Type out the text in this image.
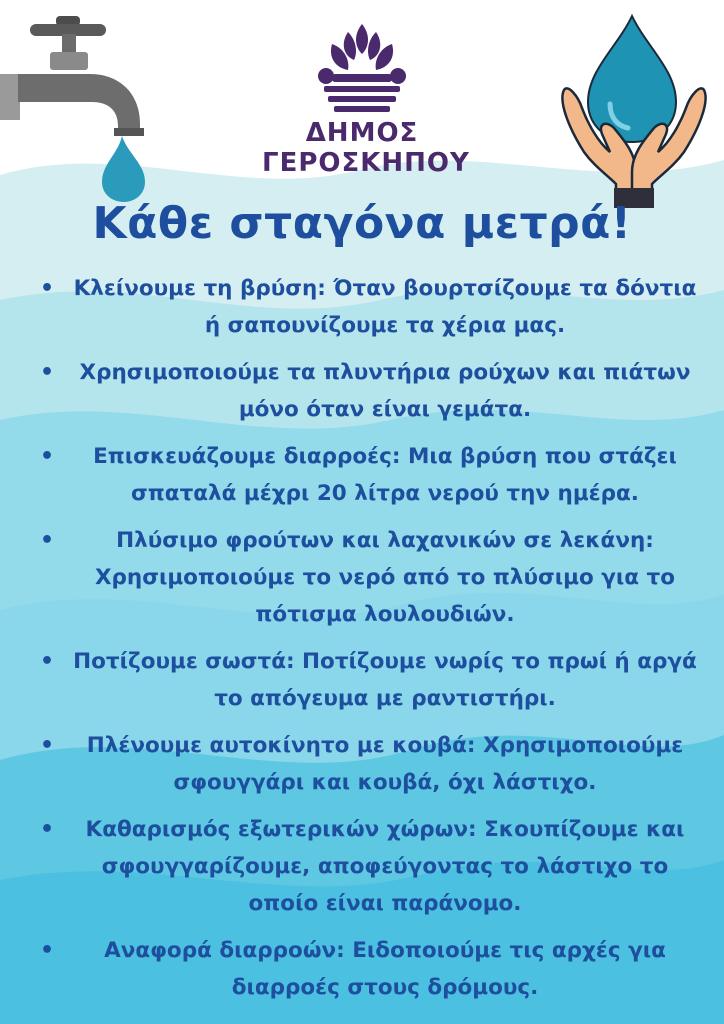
ΔΗΜΟΣ
ΓΕΡΟΣΚΗΠΟΥ
Κάθε σταγόνα μετρά!
• Κλείνουμε τη βρύση: Όταν βουρτσίζουμε τα δόντια ή σαπουνίζουμε τα χέρια μας.
• Χρησιμοποιούμε τα πλυντήρια ρούχων και πιάτων μόνο όταν είναι γεμάτα.
• Επισκευάζουμε διαρροές: Μια βρύση που στάζει σπαταλά μέχρι 20 λίτρα νερού την ημέρα.
•	Πλύσιμο φρούτων και λαχανικών σε λεκάνη: Χρησιμοποιούμε το νερό από το πλύσιμο για το πότισμα λουλουδιών.
• Ποτίζουμε σωστά: Ποτίζουμε νωρίς το πρωί ή αργά το απόγευμα με ραντιστήρι.
• Πλένουμε αυτοκίνητο με κουβά: Χρησιμοποιούμε σφουγγάρι και κουβά, όχι λάστιχο.
• Καθαρισμός εξωτερικών χώρων: Σκουπίζουμε και σφουγγαρίζουμε, αποφεύγοντας το λάστιχο το οποίο είναι παράνομο.
• Αναφορά διαρροών: Ειδοποιούμε τις αρχές για διαρροές στους δρόμους.
